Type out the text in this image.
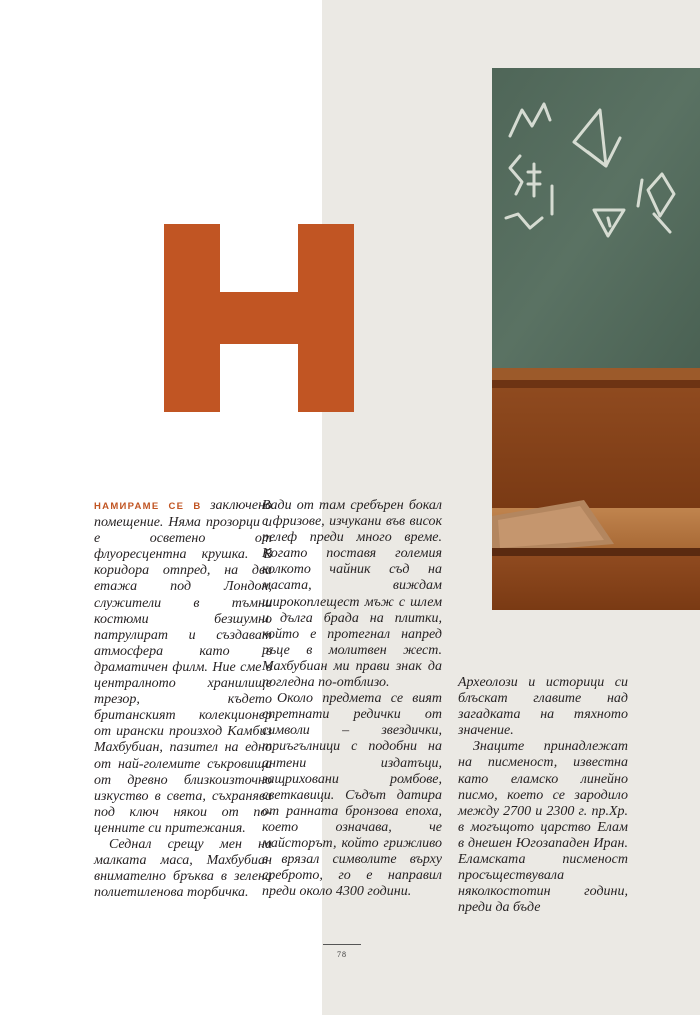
НАМИРАМЕ СЕ В заключено помещение. Няма прозорци и е осветено от флуоресцентна крушка. В коридора отпред, на два етажа под Лондон, служители в тъмни костюми безшумно патрулират и създават атмосфера като в драматичен филм. Ние сме в централното хранилище трезор, където британският колекционер от ирански произход Камбиз Махбубиан, пазител на едно от най-големите съкровища от древно близкоизточно изкуство в света, съхранява под ключ някои от по-ценните си притежания.

Седнал срещу мен на малката маса, Махбубиан внимателно бръква в зелена полиетиленова торбичка.

Вади от там сребърен бокал с фризове, изчукани във висок релеф преди много време. Когато поставя големия колкото чайник съд на масата, виждам широкоплещест мъж с шлем и дълга брада на плитки, който е протегнал напред ръце в молитвен жест. Махбубиан ми прави знак да погледна по-отблизо.

Около предмета се вият спретнати редички от символи – звездички, триъгълници с подобни на антени издатъци, защриховани ромбове, светкавици. Съдът датира от ранната бронзова епоха, което означава, че майсторът, който грижливо е врязал символите върху среброто, го е направил преди около 4300 години.

Археолози и историци си блъскат главите над загадката на тяхното значение.

Знаците принадлежат на писменост, известна като еламско линейно писмо, което се зародило между 2700 и 2300 г. пр.Хр. в могъщото царство Елам в днешен Югозападен Иран. Еламската писменост просъществувала няколкостотин години, преди да бъде

78
